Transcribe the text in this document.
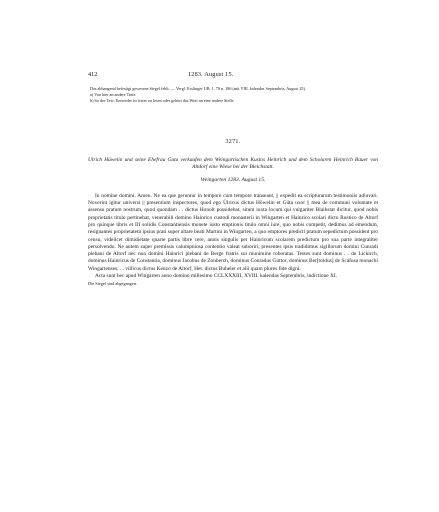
412	1283. August 15.

Das abhangend befestigt gewesene Siegel fehlt. — Vergl. Esslinger UB. 1, 70 n. 186 (mit VIII. kalendas Septembris, August 25).

a) Von hier an andere Tinte.

b) So der Text. Entweder ist frater zu lesen oder gehört das Wort an eine andere Stelle.

3271.
Ulrich Hüwelin und seine Ehefrau Guta verkaufen dem Weingartischen Kustos Heinrich und dem Scholaren Heinrich Bauer von Altdorf eine Wiese bei der Bleichstatt.
Weingarten 1283. August 15.

In nomine domini. Amen. Ne ea que geruntur in tempore cum tempore transeant, || expedit ea scripturarum testimoniis adiuvari. Noverint igitur universi || presentium inspectores, quod ego Ülricus dictus Höwelin et Güta uxor || mea de communi voluntate et assensu pratum nostrum, quod quondam . . dictus Honolt possidebat, situm iuxta locum qui vulgariter Blaihstat dicitur, quod nobis proprietatis titulo pertinebat, venerabili domino Hainrico custodi monasterii in Wingarten et Hainrico scolari dicto Rustico de Altorf pro quinque libris et III solidis Constantiensis monete iusto emptionis titulo omni iure, quo nobis competit, dedimus ad emendum, resignantes proprietatem ipsius prati super altare beati Martini in Wingarten, a quo emptores predicti pratum sepedictum possident pro censu, videlicet dimidietate quarte partis libre cere, annis singulis per Hainricum scolarem predictum pro sua parte integraliter persolvendo. Ne autem super premissis calumpniosa contentio valeat suboriri, presentes ipsis tradidimus sigillorum domini Cunradi plebani de Altorf nec non domini Hainrici plebani de Berge fratris sui munimine roboratas. Testes sunt dominus . . de Lickirch, dominus Hainricus de Constantia, dominus Jacobus de Zonberch, dominus Conradus Guttor, dominus Ber[toldus] de Scafusa monachi Wingartenses, . . villicus dictus Kenzo de Altorf, Her. dictus Buheler et alii quam plures fide digni.

Acta sunt hec apud Wingarten anno domino millesimo CCLXXXIII, XVIII. kalendas Septembris, indictione XI.

Die Siegel sind abgegangen.
